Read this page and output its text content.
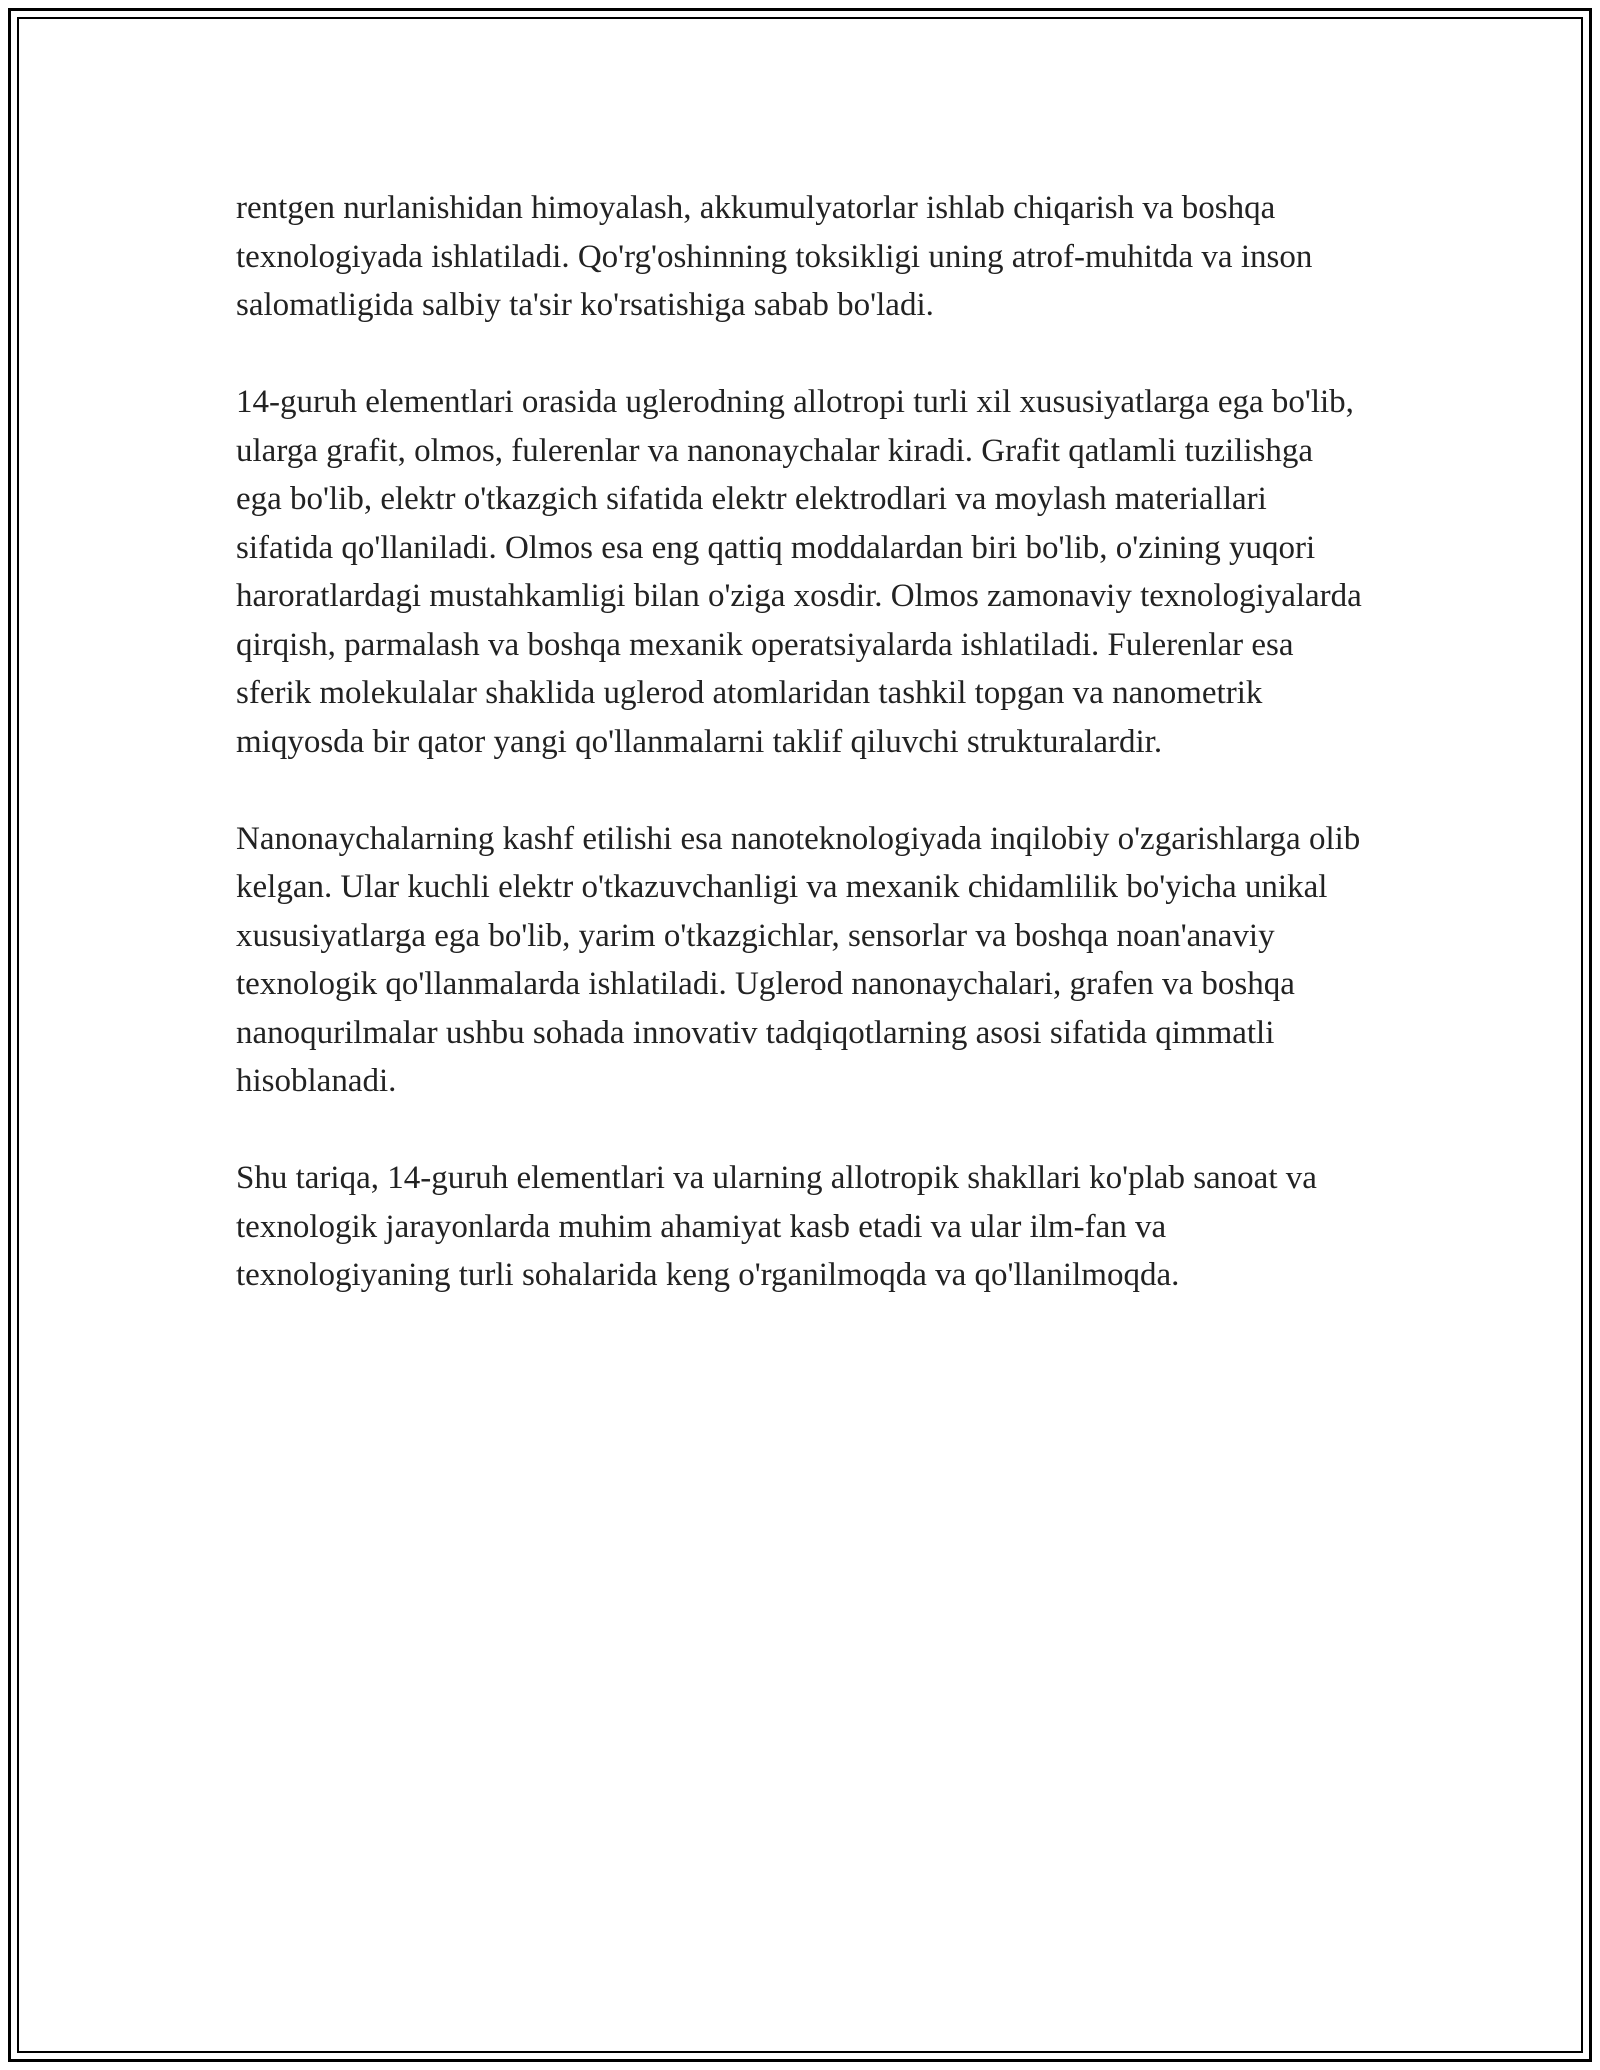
rentgen nurlanishidan himoyalash, akkumulyatorlar ishlab chiqarish va boshqa texnologiyada ishlatiladi. Qo'rg'oshinning toksikligi uning atrof-muhitda va inson salomatligida salbiy ta'sir ko'rsatishiga sabab bo'ladi.

14-guruh elementlari orasida uglerodning allotropi turli xil xususiyatlarga ega bo'lib, ularga grafit, olmos, fulerenlar va nanonaychalar kiradi. Grafit qatlamli tuzilishga ega bo'lib, elektr o'tkazgich sifatida elektr elektrodlari va moylash materiallari sifatida qo'llaniladi. Olmos esa eng qattiq moddalardan biri bo'lib, o'zining yuqori haroratlardagi mustahkamligi bilan o'ziga xosdir. Olmos zamonaviy texnologiyalarda qirqish, parmalash va boshqa mexanik operatsiyalarda ishlatiladi. Fulerenlar esa sferik molekulalar shaklida uglerod atomlaridan tashkil topgan va nanometrik miqyosda bir qator yangi qo'llanmalarni taklif qiluvchi strukturalardir.

Nanonaychalarning kashf etilishi esa nanoteknologiyada inqilobiy o'zgarishlarga olib kelgan. Ular kuchli elektr o'tkazuvchanligi va mexanik chidamlilik bo'yicha unikal xususiyatlarga ega bo'lib, yarim o'tkazgichlar, sensorlar va boshqa noan'anaviy texnologik qo'llanmalarda ishlatiladi. Uglerod nanonaychalari, grafen va boshqa nanoqurilmalar ushbu sohada innovativ tadqiqotlarning asosi sifatida qimmatli hisoblanadi.

Shu tariqa, 14-guruh elementlari va ularning allotropik shakllari ko'plab sanoat va texnologik jarayonlarda muhim ahamiyat kasb etadi va ular ilm-fan va texnologiyaning turli sohalarida keng o'rganilmoqda va qo'llanilmoqda.
